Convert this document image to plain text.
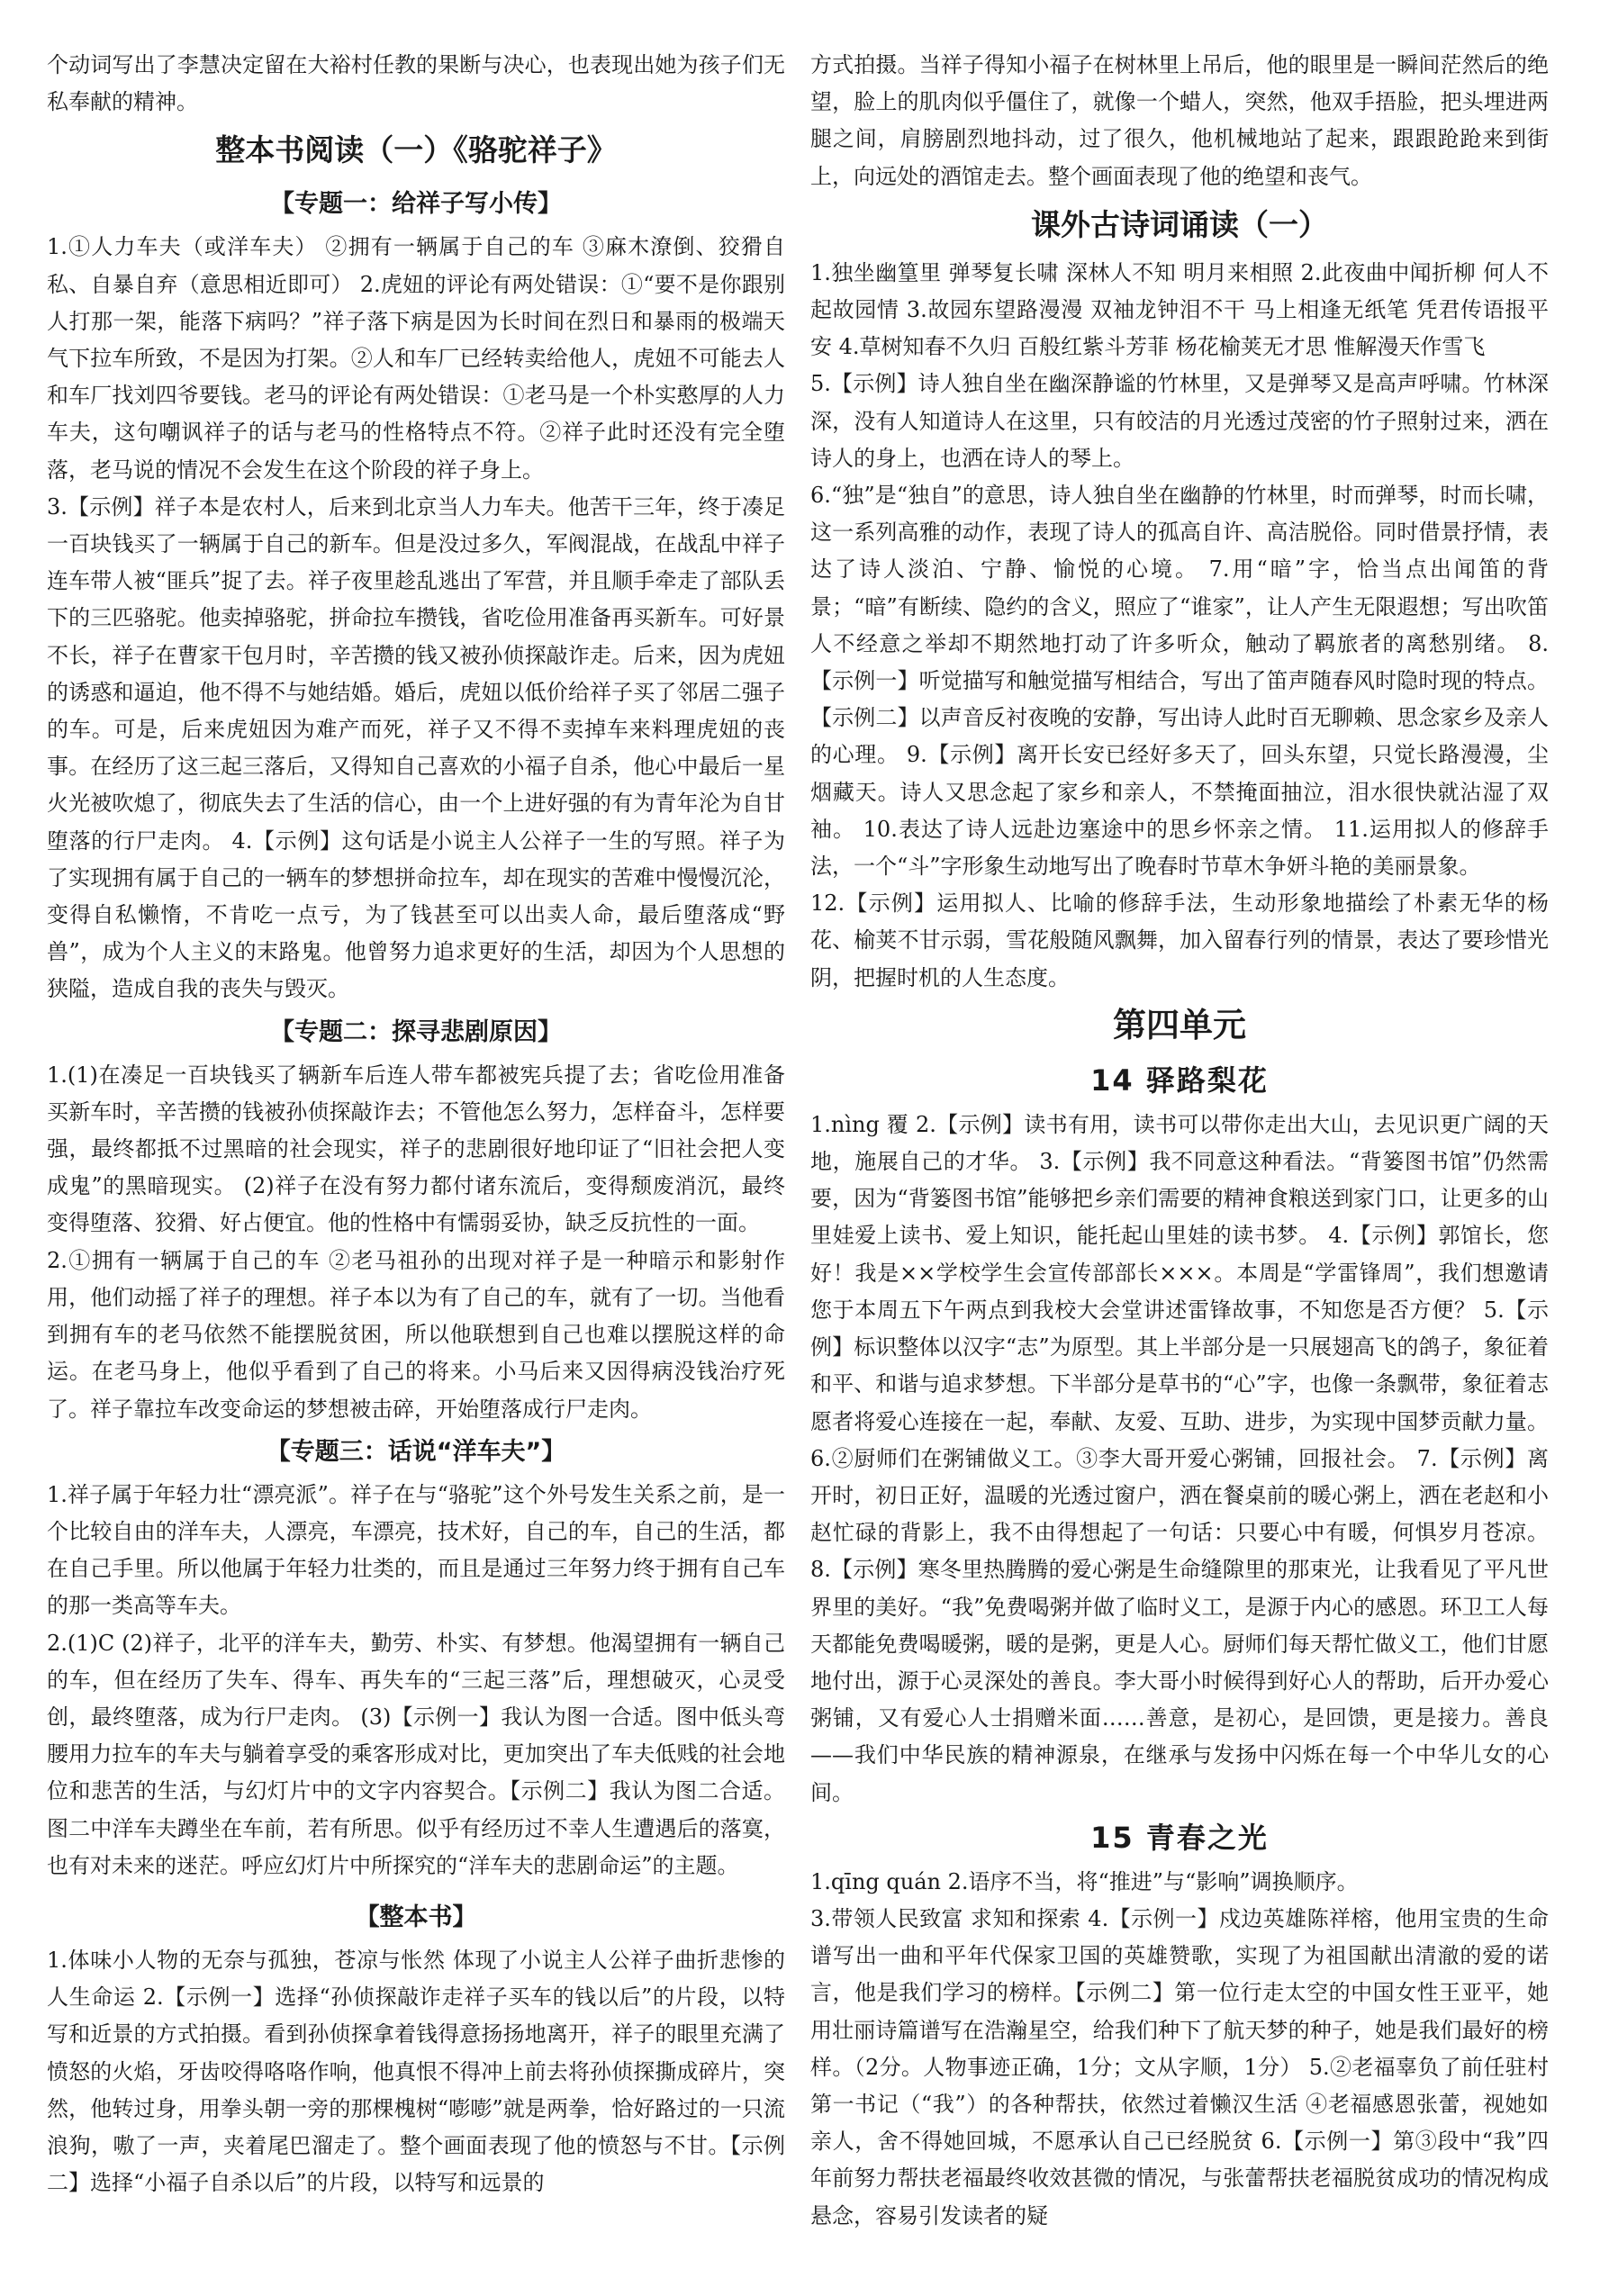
个动词写出了李慧决定留在大裕村任教的果断与决心，也表现出她为孩子们无私奉献的精神。

整本书阅读（一）《骆驼祥子》
【专题一：给祥子写小传】

1.①人力车夫（或洋车夫） ②拥有一辆属于自己的车 ③麻木潦倒、狡猾自私、自暴自弃（意思相近即可） 2.虎妞的评论有两处错误：①“要不是你跟别人打那一架，能落下病吗？”祥子落下病是因为长时间在烈日和暴雨的极端天气下拉车所致，不是因为打架。②人和车厂已经转卖给他人，虎妞不可能去人和车厂找刘四爷要钱。老马的评论有两处错误：①老马是一个朴实憨厚的人力车夫，这句嘲讽祥子的话与老马的性格特点不符。②祥子此时还没有完全堕落，老马说的情况不会发生在这个阶段的祥子身上。

3.【示例】祥子本是农村人，后来到北京当人力车夫。他苦干三年，终于凑足一百块钱买了一辆属于自己的新车。但是没过多久，军阀混战，在战乱中祥子连车带人被“匪兵”捉了去。祥子夜里趁乱逃出了军营，并且顺手牵走了部队丢下的三匹骆驼。他卖掉骆驼，拼命拉车攒钱，省吃俭用准备再买新车。可好景不长，祥子在曹家干包月时，辛苦攒的钱又被孙侦探敲诈走。后来，因为虎妞的诱惑和逼迫，他不得不与她结婚。婚后，虎妞以低价给祥子买了邻居二强子的车。可是，后来虎妞因为难产而死，祥子又不得不卖掉车来料理虎妞的丧事。在经历了这三起三落后，又得知自己喜欢的小福子自杀，他心中最后一星火光被吹熄了，彻底失去了生活的信心，由一个上进好强的有为青年沦为自甘堕落的行尸走肉。 4.【示例】这句话是小说主人公祥子一生的写照。祥子为了实现拥有属于自己的一辆车的梦想拼命拉车，却在现实的苦难中慢慢沉沦，变得自私懒惰，不肯吃一点亏，为了钱甚至可以出卖人命，最后堕落成“野兽”，成为个人主义的末路鬼。他曾努力追求更好的生活，却因为个人思想的狭隘，造成自我的丧失与毁灭。

【专题二：探寻悲剧原因】

1.(1)在凑足一百块钱买了辆新车后连人带车都被宪兵提了去；省吃俭用准备买新车时，辛苦攒的钱被孙侦探敲诈去；不管他怎么努力，怎样奋斗，怎样要强，最终都抵不过黑暗的社会现实，祥子的悲剧很好地印证了“旧社会把人变成鬼”的黑暗现实。 (2)祥子在没有努力都付诸东流后，变得颓废消沉，最终变得堕落、狡猾、好占便宜。他的性格中有懦弱妥协，缺乏反抗性的一面。

2.①拥有一辆属于自己的车 ②老马祖孙的出现对祥子是一种暗示和影射作用，他们动摇了祥子的理想。祥子本以为有了自己的车，就有了一切。当他看到拥有车的老马依然不能摆脱贫困，所以他联想到自己也难以摆脱这样的命运。在老马身上，他似乎看到了自己的将来。小马后来又因得病没钱治疗死了。祥子靠拉车改变命运的梦想被击碎，开始堕落成行尸走肉。

【专题三：话说“洋车夫”】

1.祥子属于年轻力壮“漂亮派”。祥子在与“骆驼”这个外号发生关系之前，是一个比较自由的洋车夫，人漂亮，车漂亮，技术好，自己的车，自己的生活，都在自己手里。所以他属于年轻力壮类的，而且是通过三年努力终于拥有自己车的那一类高等车夫。

2.(1)C (2)祥子，北平的洋车夫，勤劳、朴实、有梦想。他渴望拥有一辆自己的车，但在经历了失车、得车、再失车的“三起三落”后，理想破灭，心灵受创，最终堕落，成为行尸走肉。 (3)【示例一】我认为图一合适。图中低头弯腰用力拉车的车夫与躺着享受的乘客形成对比，更加突出了车夫低贱的社会地位和悲苦的生活，与幻灯片中的文字内容契合。【示例二】我认为图二合适。图二中洋车夫蹲坐在车前，若有所思。似乎有经历过不幸人生遭遇后的落寞，也有对未来的迷茫。呼应幻灯片中所探究的“洋车夫的悲剧命运”的主题。

【整本书】

1.体味小人物的无奈与孤独，苍凉与怅然 体现了小说主人公祥子曲折悲惨的人生命运 2.【示例一】选择“孙侦探敲诈走祥子买车的钱以后”的片段，以特写和近景的方式拍摄。看到孙侦探拿着钱得意扬扬地离开，祥子的眼里充满了愤怒的火焰，牙齿咬得咯咯作响，他真恨不得冲上前去将孙侦探撕成碎片，突然，他转过身，用拳头朝一旁的那棵槐树“嘭嘭”就是两拳，恰好路过的一只流浪狗，嗷了一声，夹着尾巴溜走了。整个画面表现了他的愤怒与不甘。【示例二】选择“小福子自杀以后”的片段，以特写和远景的

方式拍摄。当祥子得知小福子在树林里上吊后，他的眼里是一瞬间茫然后的绝望，脸上的肌肉似乎僵住了，就像一个蜡人，突然，他双手捂脸，把头埋进两腿之间，肩膀剧烈地抖动，过了很久，他机械地站了起来，跟跟跄跄来到街上，向远处的酒馆走去。整个画面表现了他的绝望和丧气。

课外古诗词诵读（一）

1.独坐幽篁里 弹琴复长啸 深林人不知 明月来相照 2.此夜曲中闻折柳 何人不起故园情 3.故园东望路漫漫 双袖龙钟泪不干 马上相逢无纸笔 凭君传语报平安 4.草树知春不久归 百般红紫斗芳菲 杨花榆荚无才思 惟解漫天作雪飞

5.【示例】诗人独自坐在幽深静谧的竹林里，又是弹琴又是高声呼啸。竹林深深，没有人知道诗人在这里，只有皎洁的月光透过茂密的竹子照射过来，洒在诗人的身上，也洒在诗人的琴上。

6.“独”是“独自”的意思，诗人独自坐在幽静的竹林里，时而弹琴，时而长啸，这一系列高雅的动作，表现了诗人的孤高自许、高洁脱俗。同时借景抒情，表达了诗人淡泊、宁静、愉悦的心境。 7.用“暗”字，恰当点出闻笛的背景；“暗”有断续、隐约的含义，照应了“谁家”，让人产生无限遐想；写出吹笛人不经意之举却不期然地打动了许多听众，触动了羁旅者的离愁别绪。 8.【示例一】听觉描写和触觉描写相结合，写出了笛声随春风时隐时现的特点。【示例二】以声音反衬夜晚的安静，写出诗人此时百无聊赖、思念家乡及亲人的心理。 9.【示例】离开长安已经好多天了，回头东望，只觉长路漫漫，尘烟藏天。诗人又思念起了家乡和亲人，不禁掩面抽泣，泪水很快就沾湿了双袖。 10.表达了诗人远赴边塞途中的思乡怀亲之情。 11.运用拟人的修辞手法，一个“斗”字形象生动地写出了晚春时节草木争妍斗艳的美丽景象。

12.【示例】运用拟人、比喻的修辞手法，生动形象地描绘了朴素无华的杨花、榆荚不甘示弱，雪花般随风飘舞，加入留春行列的情景，表达了要珍惜光阴，把握时机的人生态度。

第四单元
14 驿路梨花

1.nìng 覆 2.【示例】读书有用，读书可以带你走出大山，去见识更广阔的天地，施展自己的才华。 3.【示例】我不同意这种看法。“背篓图书馆”仍然需要，因为“背篓图书馆”能够把乡亲们需要的精神食粮送到家门口，让更多的山里娃爱上读书、爱上知识，能托起山里娃的读书梦。 4.【示例】郭馆长，您好！我是××学校学生会宣传部部长×××。本周是“学雷锋周”，我们想邀请您于本周五下午两点到我校大会堂讲述雷锋故事，不知您是否方便？ 5.【示例】标识整体以汉字“志”为原型。其上半部分是一只展翅高飞的鸽子，象征着和平、和谐与追求梦想。下半部分是草书的“心”字，也像一条飘带，象征着志愿者将爱心连接在一起，奉献、友爱、互助、进步，为实现中国梦贡献力量。 6.②厨师们在粥铺做义工。③李大哥开爱心粥铺，回报社会。 7.【示例】离开时，初日正好，温暖的光透过窗户，洒在餐桌前的暖心粥上，洒在老赵和小赵忙碌的背影上，我不由得想起了一句话：只要心中有暖，何惧岁月苍凉。 8.【示例】寒冬里热腾腾的爱心粥是生命缝隙里的那束光，让我看见了平凡世界里的美好。“我”免费喝粥并做了临时义工，是源于内心的感恩。环卫工人每天都能免费喝暖粥，暖的是粥，更是人心。厨师们每天帮忙做义工，他们甘愿地付出，源于心灵深处的善良。李大哥小时候得到好心人的帮助，后开办爱心粥铺，又有爱心人士捐赠米面……善意，是初心，是回馈，更是接力。善良——我们中华民族的精神源泉，在继承与发扬中闪烁在每一个中华儿女的心间。

15 青春之光

1.qīng quán 2.语序不当，将“推进”与“影响”调换顺序。

3.带领人民致富 求知和探索 4.【示例一】戍边英雄陈祥榕，他用宝贵的生命谱写出一曲和平年代保家卫国的英雄赞歌，实现了为祖国献出清澈的爱的诺言，他是我们学习的榜样。【示例二】第一位行走太空的中国女性王亚平，她用壮丽诗篇谱写在浩瀚星空，给我们种下了航天梦的种子，她是我们最好的榜样。（2分。人物事迹正确，1分；文从字顺，1分） 5.②老福辜负了前任驻村第一书记（“我”）的各种帮扶，依然过着懒汉生活 ④老福感恩张蕾，视她如亲人，舍不得她回城，不愿承认自己已经脱贫 6.【示例一】第③段中“我”四年前努力帮扶老福最终收效甚微的情况，与张蕾帮扶老福脱贫成功的情况构成悬念，容易引发读者的疑
